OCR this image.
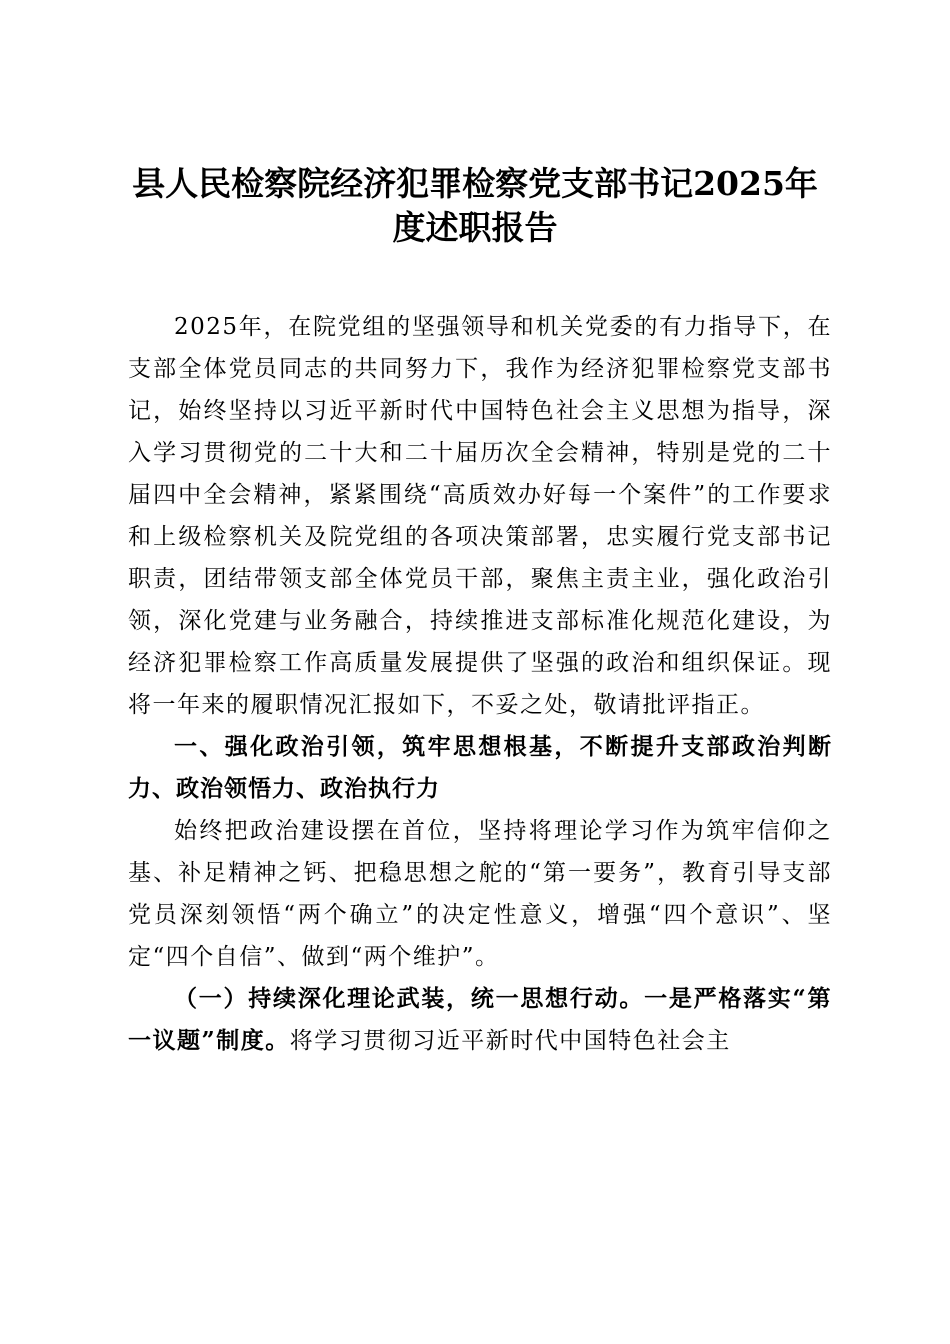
县人民检察院经济犯罪检察党支部书记2025年度述职报告

2025年，在院党组的坚强领导和机关党委的有力指导下，在支部全体党员同志的共同努力下，我作为经济犯罪检察党支部书记，始终坚持以习近平新时代中国特色社会主义思想为指导，深入学习贯彻党的二十大和二十届历次全会精神，特别是党的二十届四中全会精神，紧紧围绕“高质效办好每一个案件”的工作要求和上级检察机关及院党组的各项决策部署，忠实履行党支部书记职责，团结带领支部全体党员干部，聚焦主责主业，强化政治引领，深化党建与业务融合，持续推进支部标准化规范化建设，为经济犯罪检察工作高质量发展提供了坚强的政治和组织保证。现将一年来的履职情况汇报如下，不妥之处，敬请批评指正。

一、强化政治引领，筑牢思想根基，不断提升支部政治判断力、政治领悟力、政治执行力

始终把政治建设摆在首位，坚持将理论学习作为筑牢信仰之基、补足精神之钙、把稳思想之舵的“第一要务”，教育引导支部党员深刻领悟“两个确立”的决定性意义，增强“四个意识”、坚定“四个自信”、做到“两个维护”。

（一）持续深化理论武装，统一思想行动。一是严格落实“第一议题”制度。将学习贯彻习近平新时代中国特色社会主
